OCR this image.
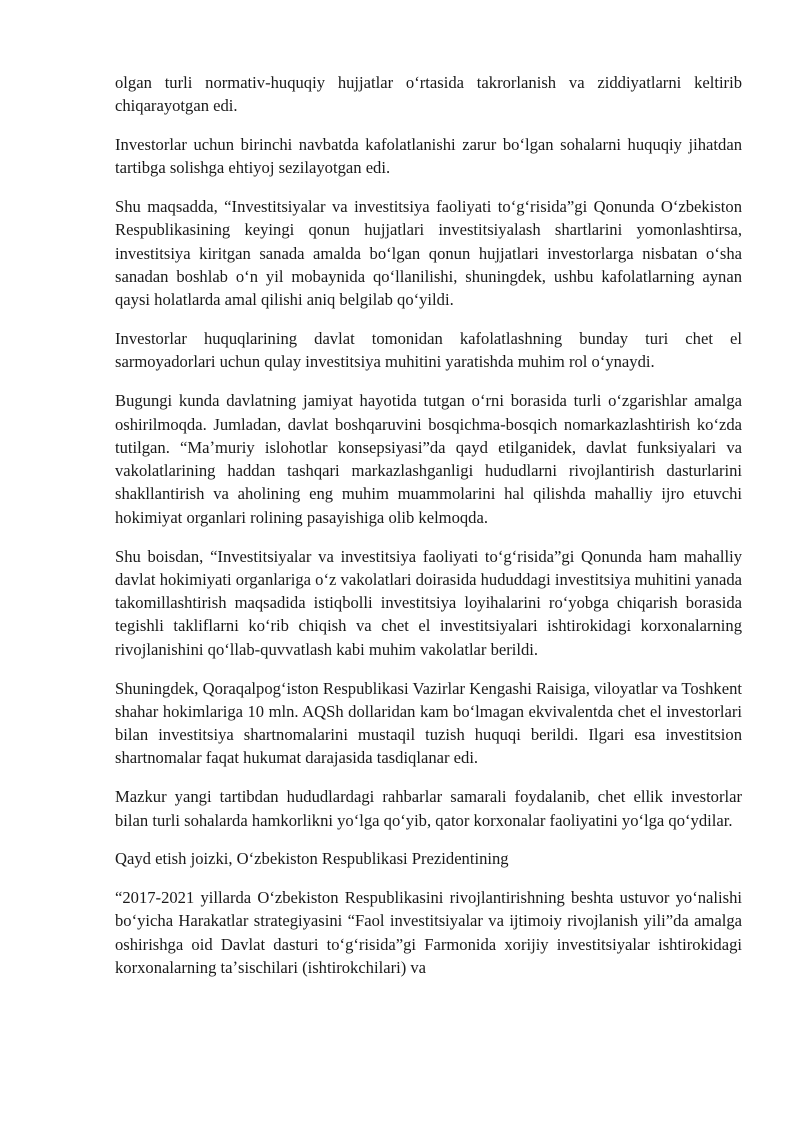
olgan turli normativ-huquqiy hujjatlar oʻrtasida takrorlanish va ziddiyatlarni keltirib chiqarayotgan edi.

Investorlar uchun birinchi navbatda kafolatlanishi zarur boʻlgan sohalarni huquqiy jihatdan tartibga solishga ehtiyoj sezilayotgan edi.

Shu maqsadda, “Investitsiyalar va investitsiya faoliyati toʻgʻrisida”gi Qonunda Oʻzbekiston Respublikasining keyingi qonun hujjatlari investitsiyalash shartlarini yomonlashtirsa, investitsiya kiritgan sanada amalda boʻlgan qonun hujjatlari investorlarga nisbatan oʻsha sanadan boshlab oʻn yil mobaynida qoʻllanilishi, shuningdek, ushbu kafolatlarning aynan qaysi holatlarda amal qilishi aniq belgilab qoʻyildi.

Investorlar huquqlarining davlat tomonidan kafolatlashning bunday turi chet el sarmoyadorlari uchun qulay investitsiya muhitini yaratishda muhim rol oʻynaydi.

Bugungi kunda davlatning jamiyat hayotida tutgan oʻrni borasida turli oʻzgarishlar amalga oshirilmoqda. Jumladan, davlat boshqaruvini bosqichma-bosqich nomarkazlashtirish koʻzda tutilgan. “Maʼmuriy islohotlar konsepsiyasi”da qayd etilganidek, davlat funksiyalari va vakolatlarining haddan tashqari markazlashganligi hududlarni rivojlantirish dasturlarini shakllantirish va aholining eng muhim muammolarini hal qilishda mahalliy ijro etuvchi hokimiyat organlari rolining pasayishiga olib kelmoqda.

Shu boisdan, “Investitsiyalar va investitsiya faoliyati toʻgʻrisida”gi Qonunda ham mahalliy davlat hokimiyati organlariga oʻz vakolatlari doirasida hududdagi investitsiya muhitini yanada takomillashtirish maqsadida istiqbolli investitsiya loyihalarini roʻyobga chiqarish borasida tegishli takliflarni koʻrib chiqish va chet el investitsiyalari ishtirokidagi korxonalarning rivojlanishini qoʻllab-quvvatlash kabi muhim vakolatlar berildi.

Shuningdek, Qoraqalpogʻiston Respublikasi Vazirlar Kengashi Raisiga, viloyatlar va Toshkent shahar hokimlariga 10 mln. AQSh dollaridan kam boʻlmagan ekvivalentda chet el investorlari bilan investitsiya shartnomalarini mustaqil tuzish huquqi berildi. Ilgari esa investitsion shartnomalar faqat hukumat darajasida tasdiqlanar edi.

Mazkur yangi tartibdan hududlardagi rahbarlar samarali foydalanib, chet ellik investorlar bilan turli sohalarda hamkorlikni yoʻlga qoʻyib, qator korxonalar faoliyatini yoʻlga qoʻydilar.

Qayd etish joizki, Oʻzbekiston Respublikasi Prezidentining

“2017-2021 yillarda Oʻzbekiston Respublikasini rivojlantirishning beshta ustuvor yoʻnalishi boʻyicha Harakatlar strategiyasini “Faol investitsiyalar va ijtimoiy rivojlanish yili”da amalga oshirishga oid Davlat dasturi toʻgʻrisida”gi Farmonida xorijiy investitsiyalar ishtirokidagi korxonalarning taʼsischilari (ishtirokchilari) va
